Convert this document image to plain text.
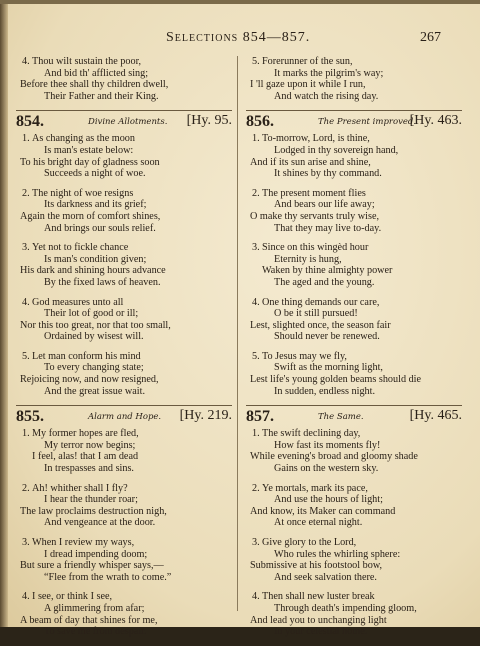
Selections 854—857.	267
4. Thou wilt sustain the poor,
And bid th' afflicted sing;
Before thee shall thy children dwell,
Their Father and their King.
854.	Divine Allotments. [Hy. 95.
1. As changing as the moon
Is man's estate below:
To his bright day of gladness soon
Succeeds a night of woe.
2. The night of woe resigns
Its darkness and its grief;
Again the morn of comfort shines,
And brings our souls relief.
3. Yet not to fickle chance
Is man's condition given;
His dark and shining hours advance
By the fixed laws of heaven.
4. God measures unto all
Their lot of good or ill;
Nor this too great, nor that too small,
Ordained by wisest will.
5. Let man conform his mind
To every changing state;
Rejoicing now, and now resigned,
And the great issue wait.
855.	Alarm and Hope. [Hy. 219.
1. My former hopes are fled,
My terror now begins;
I feel, alas! that I am dead
In trespasses and sins.
2. Ah! whither shall I fly?
I hear the thunder roar;
The law proclaims destruction nigh,
And vengeance at the door.
3. When I review my ways,
I dread impending doom;
But sure a friendly whisper says,—
“Flee from the wrath to come.”
4. I see, or think I see,
A glimmering from afar;
A beam of day that shines for me,
To save me from despair.
5. Forerunner of the sun,
It marks the pilgrim's way;
I 'll gaze upon it while I run,
And watch the rising day.
856.	The Present improved.
[Hy. 463.
1. To-morrow, Lord, is thine,
Lodged in thy sovereign hand,
And if its sun arise and shine,
It shines by thy command.
2. The present moment flies
And bears our life away;
O make thy servants truly wise,
That they may live to-day.
3. Since on this wingèd hour
Eternity is hung,
Waken by thine almighty power
The aged and the young.
4. One thing demands our care,
O be it still pursued!
Lest, slighted once, the season fair
Should never be renewed.
5. To Jesus may we fly,
Swift as the morning light,
Lest life's young golden beams should die
In sudden, endless night.
857.	The Same.	[Hy. 465.
1. The swift declining day,
How fast its moments fly!
While evening's broad and gloomy shade
Gains on the western sky.
2. Ye mortals, mark its pace,
And use the hours of light;
And know, its Maker can command
At once eternal night.
3. Give glory to the Lord,
Who rules the whirling sphere:
Submissive at his footstool bow,
And seek salvation there.
4. Then shall new luster break
Through death's impending gloom,
And lead you to unchanging light
In your celestial home.
